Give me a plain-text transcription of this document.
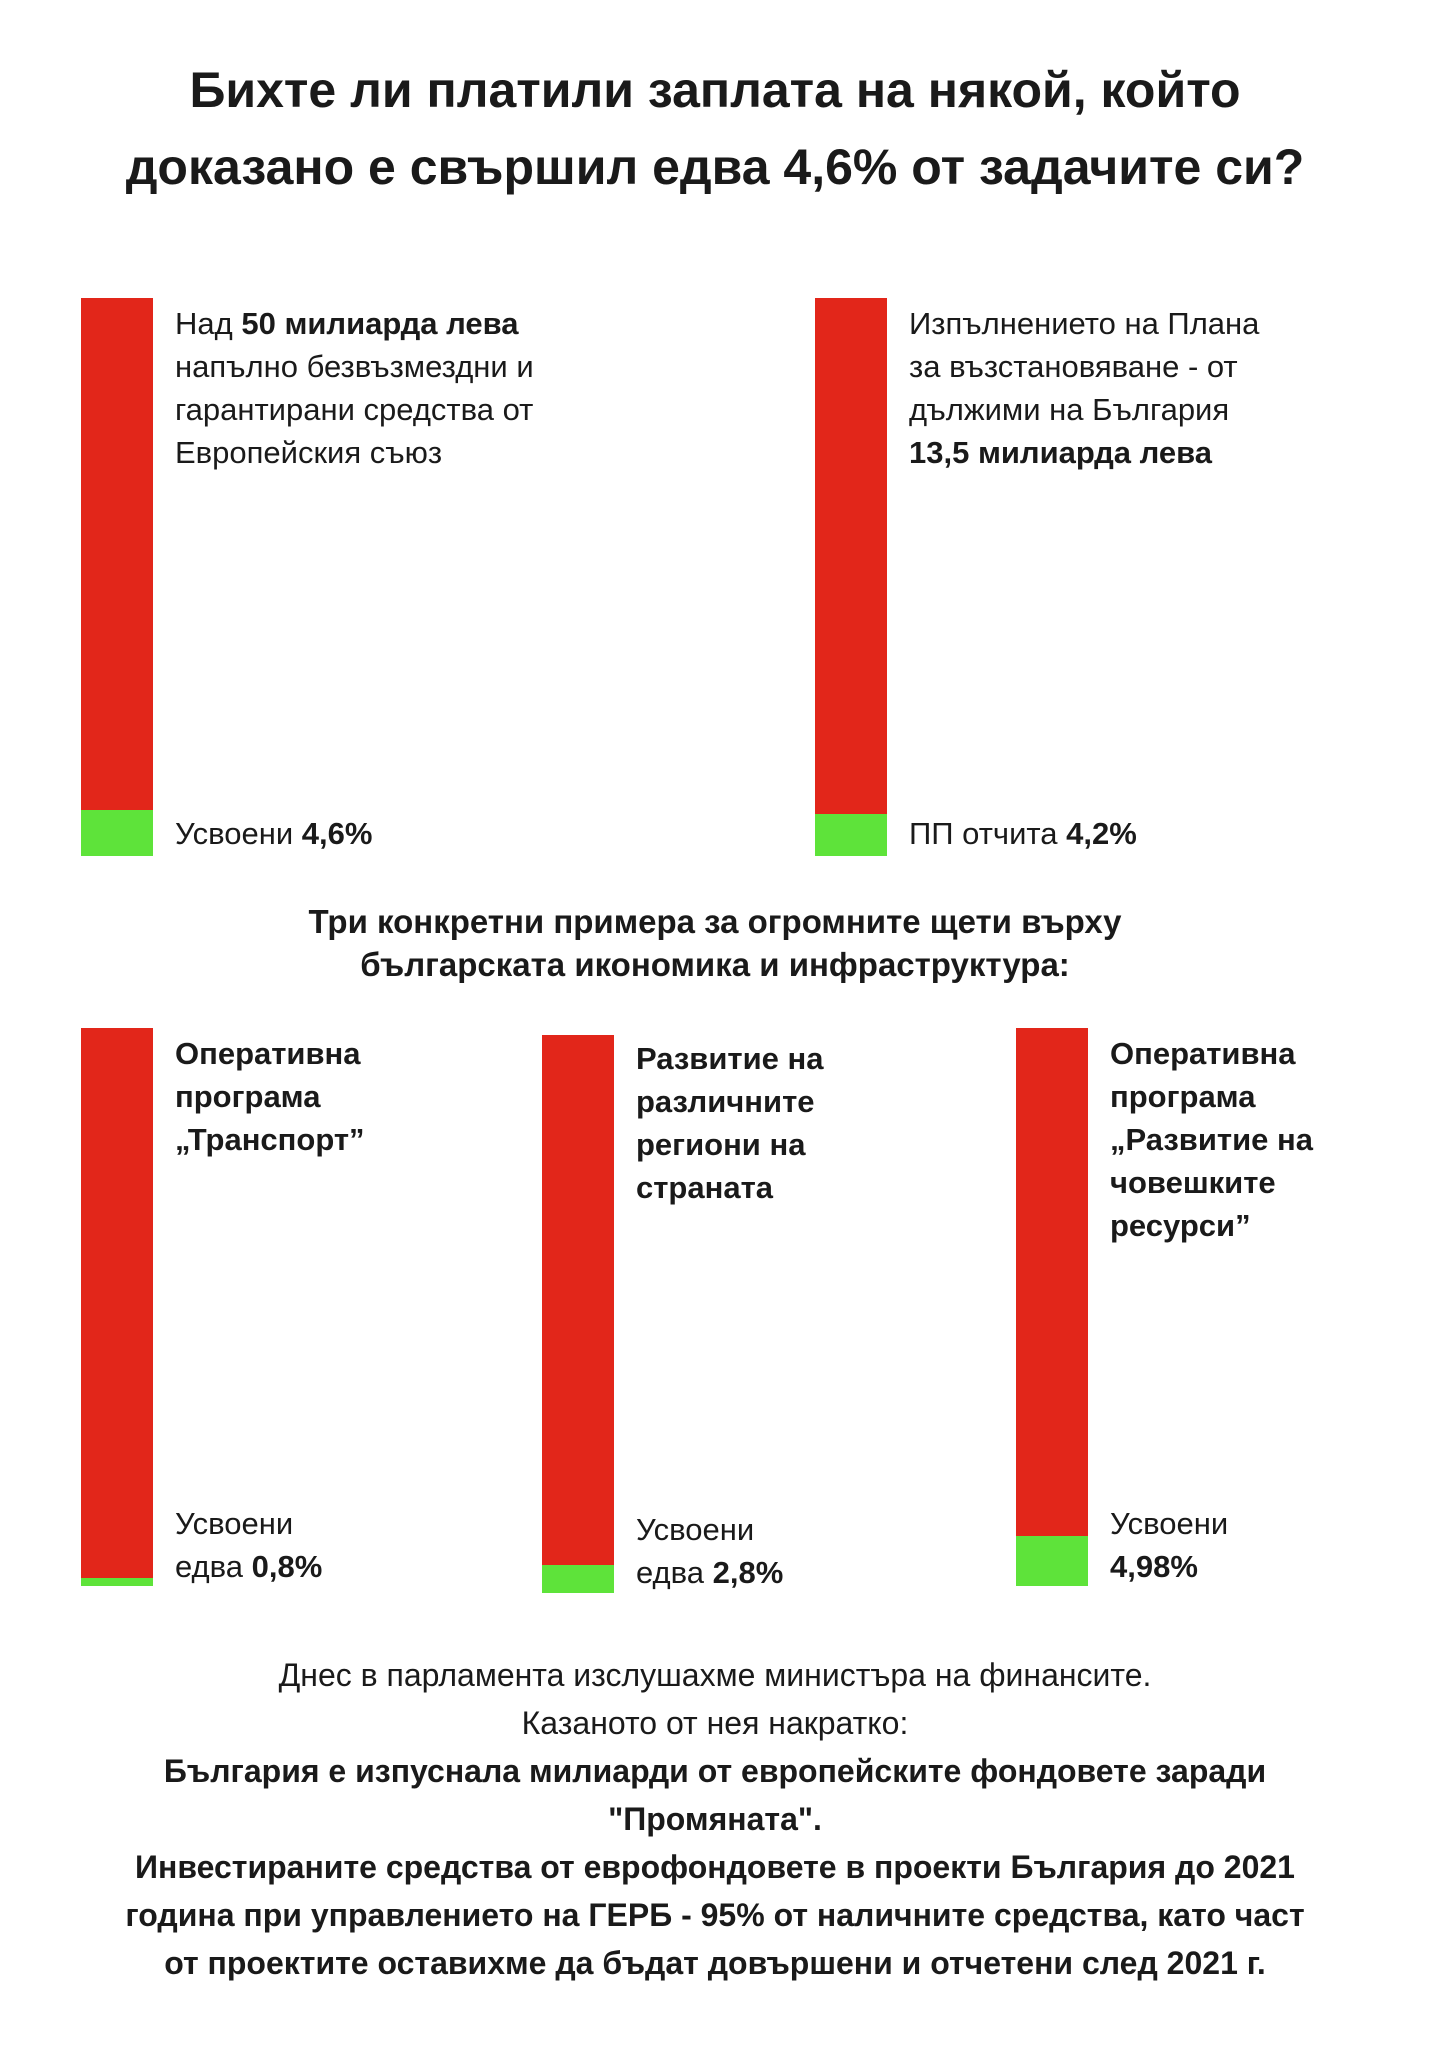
Бихте ли платили заплата на някой, който
доказано е свършил едва 4,6% от задачите си?
Над 50 милиарда лева
напълно безвъзмездни и
гарантирани средства от
Европейския съюз
Усвоени 4,6%
Изпълнението на Плана
за възстановяване - от
дължими на България
13,5 милиарда лева
ПП отчита 4,2%
Три конкретни примера за огромните щети върху
българската икономика и инфраструктура:
Оперативна
програма
„Транспорт”
Усвоени
едва 0,8%
Развитие на
различните
региони на
страната
Усвоени
едва 2,8%
Оперативна
програма
„Развитие на
човешките
ресурси”
Усвоени
4,98%
Днес в парламента изслушахме министъра на финансите.
Казаното от нея накратко:
България е изпуснала милиарди от европейските фондовете заради
"Промяната".
Инвестираните средства от еврофондовете в проекти България до 2021
година при управлението на ГЕРБ - 95% от наличните средства, като част
от проектите оставихме да бъдат довършени и отчетени след 2021 г.
